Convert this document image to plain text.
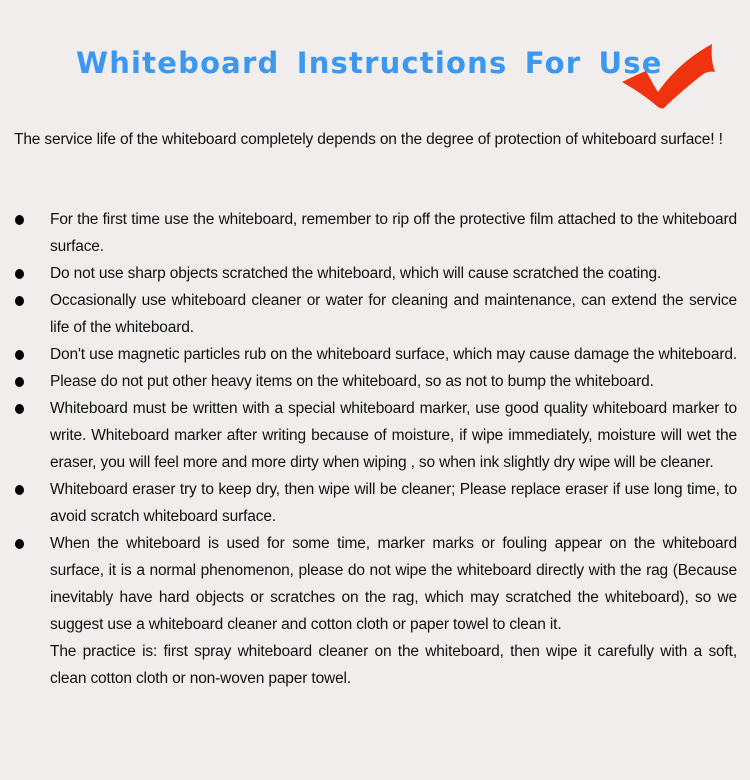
Whiteboard Instructions For Use
The service life of the whiteboard completely depends on the degree of protection of whiteboard surface! !
For the first time use the whiteboard, remember to rip off the protective film attached to the whiteboard surface.
Do not use sharp objects scratched the whiteboard, which will cause scratched the coating.
Occasionally use whiteboard cleaner or water for cleaning and maintenance, can extend the service life of the whiteboard.
Don't use magnetic particles rub on the whiteboard surface, which may cause damage the whiteboard.
Please do not put other heavy items on the whiteboard, so as not to bump the whiteboard.
Whiteboard must be written with a special whiteboard marker, use good quality whiteboard marker to write. Whiteboard marker after writing because of moisture, if wipe immediately, moisture will wet the eraser, you will feel more and more dirty when wiping , so when ink slightly dry wipe will be cleaner.
Whiteboard eraser try to keep dry, then wipe will be cleaner; Please replace eraser if use long time, to avoid scratch whiteboard surface.
When the whiteboard is used for some time, marker marks or fouling appear on the whiteboard surface, it is a normal phenomenon, please do not wipe the whiteboard directly with the rag (Because inevitably have hard objects or scratches on the rag, which may scratched the whiteboard), so we suggest use a whiteboard cleaner and cotton cloth or paper towel to clean it.
The practice is: first spray whiteboard cleaner on the whiteboard, then wipe it carefully with a soft, clean cotton cloth or non-woven paper towel.
